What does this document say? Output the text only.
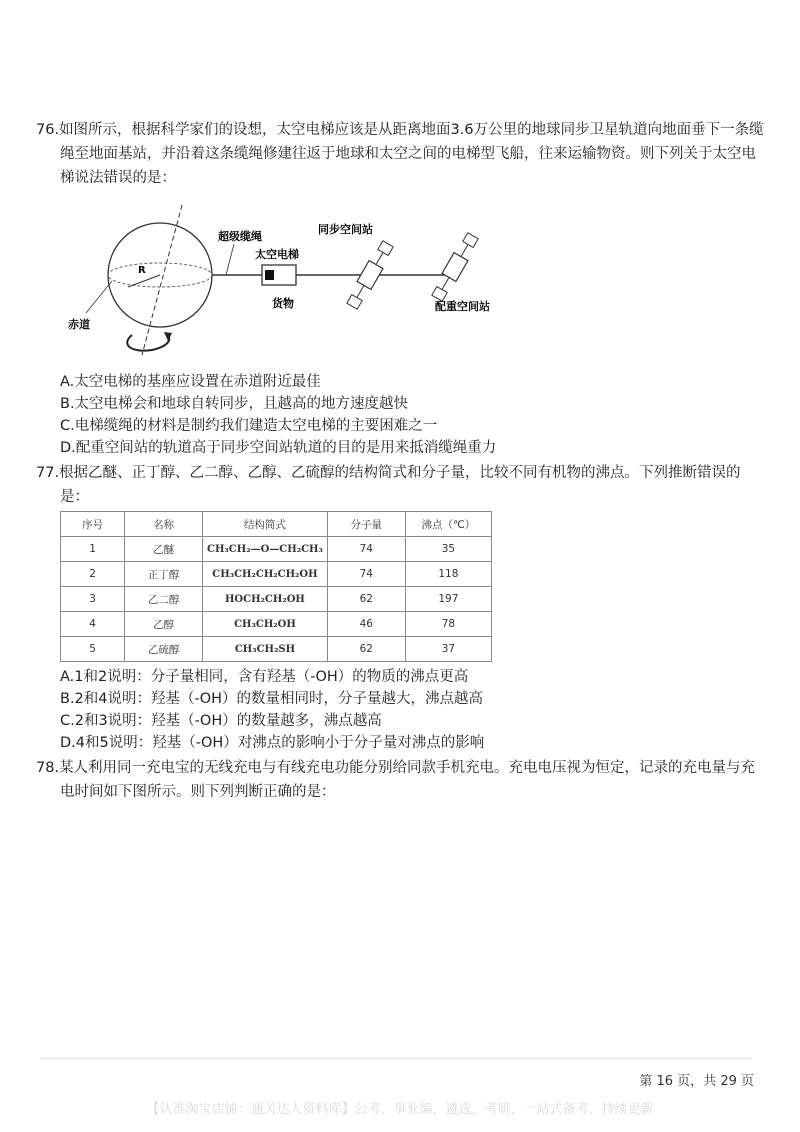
76.如图所示，根据科学家们的设想，太空电梯应该是从距离地面3.6万公里的地球同步卫星轨道向地面垂下一条缆
绳至地面基站，并沿着这条缆绳修建往返于地球和太空之间的电梯型飞船，往来运输物资。则下列关于太空电
梯说法错误的是：
R
赤道
超级缆绳
太空电梯
货物
同步空间站
配重空间站
A.太空电梯的基座应设置在赤道附近最佳
B.太空电梯会和地球自转同步，且越高的地方速度越快
C.电梯缆绳的材料是制约我们建造太空电梯的主要困难之一
D.配重空间站的轨道高于同步空间站轨道的目的是用来抵消缆绳重力
77.根据乙醚、正丁醇、乙二醇、乙醇、乙硫醇的结构简式和分子量，比较不同有机物的沸点。下列推断错误的
是：
序号	名称	结构简式	分子量	沸点（℃）
1	乙醚	CH₃CH₂—O—CH₂CH₃	74	35
2	正丁醇	CH₃CH₂CH₂CH₂OH	74	118
3	乙二醇	HOCH₂CH₂OH	62	197
4	乙醇	CH₃CH₂OH	46	78
5	乙硫醇	CH₃CH₂SH	62	37
A.1和2说明：分子量相同，含有羟基（-OH）的物质的沸点更高
B.2和4说明：羟基（-OH）的数量相同时，分子量越大，沸点越高
C.2和3说明：羟基（-OH）的数量越多，沸点越高
D.4和5说明：羟基（-OH）对沸点的影响小于分子量对沸点的影响
78.某人利用同一充电宝的无线充电与有线充电功能分别给同款手机充电。充电电压视为恒定，记录的充电量与充
电时间如下图所示。则下列判断正确的是：
第 16 页，共 29 页
【认准淘宝店铺：通关达人资料库】公考，事业编，遴选，考研，一站式备考，持续更新
